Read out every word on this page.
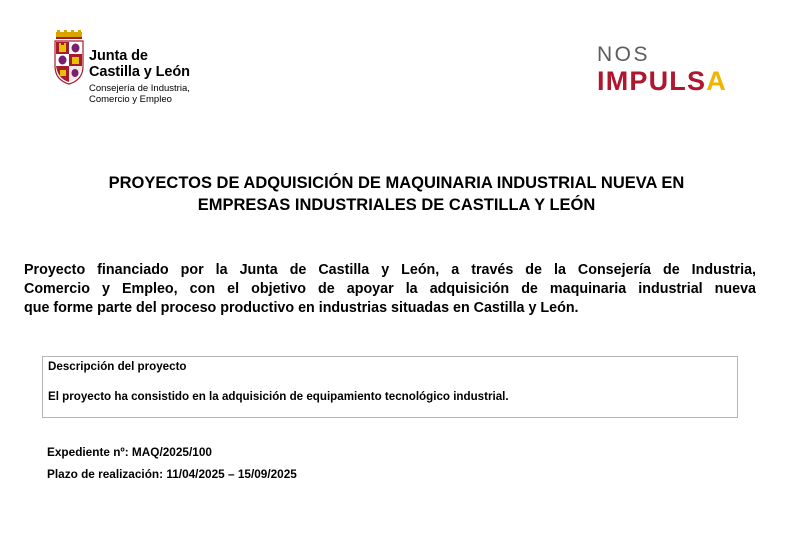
Junta de
Castilla y León
Consejería de Industria,
Comercio y Empleo
NOS
IMPULSA
PROYECTOS DE ADQUISICIÓN DE MAQUINARIA INDUSTRIAL NUEVA EN
EMPRESAS INDUSTRIALES DE CASTILLA Y LEÓN
Proyecto financiado por la Junta de Castilla y León, a través de la Consejería de Industria,
Comercio y Empleo, con el objetivo de apoyar la adquisición de maquinaria industrial nueva
que forme parte del proceso productivo en industrias situadas en Castilla y León.
Descripción del proyecto
El proyecto ha consistido en la adquisición de equipamiento tecnológico industrial.
Expediente nº: MAQ/2025/100
Plazo de realización: 11/04/2025 – 15/09/2025
